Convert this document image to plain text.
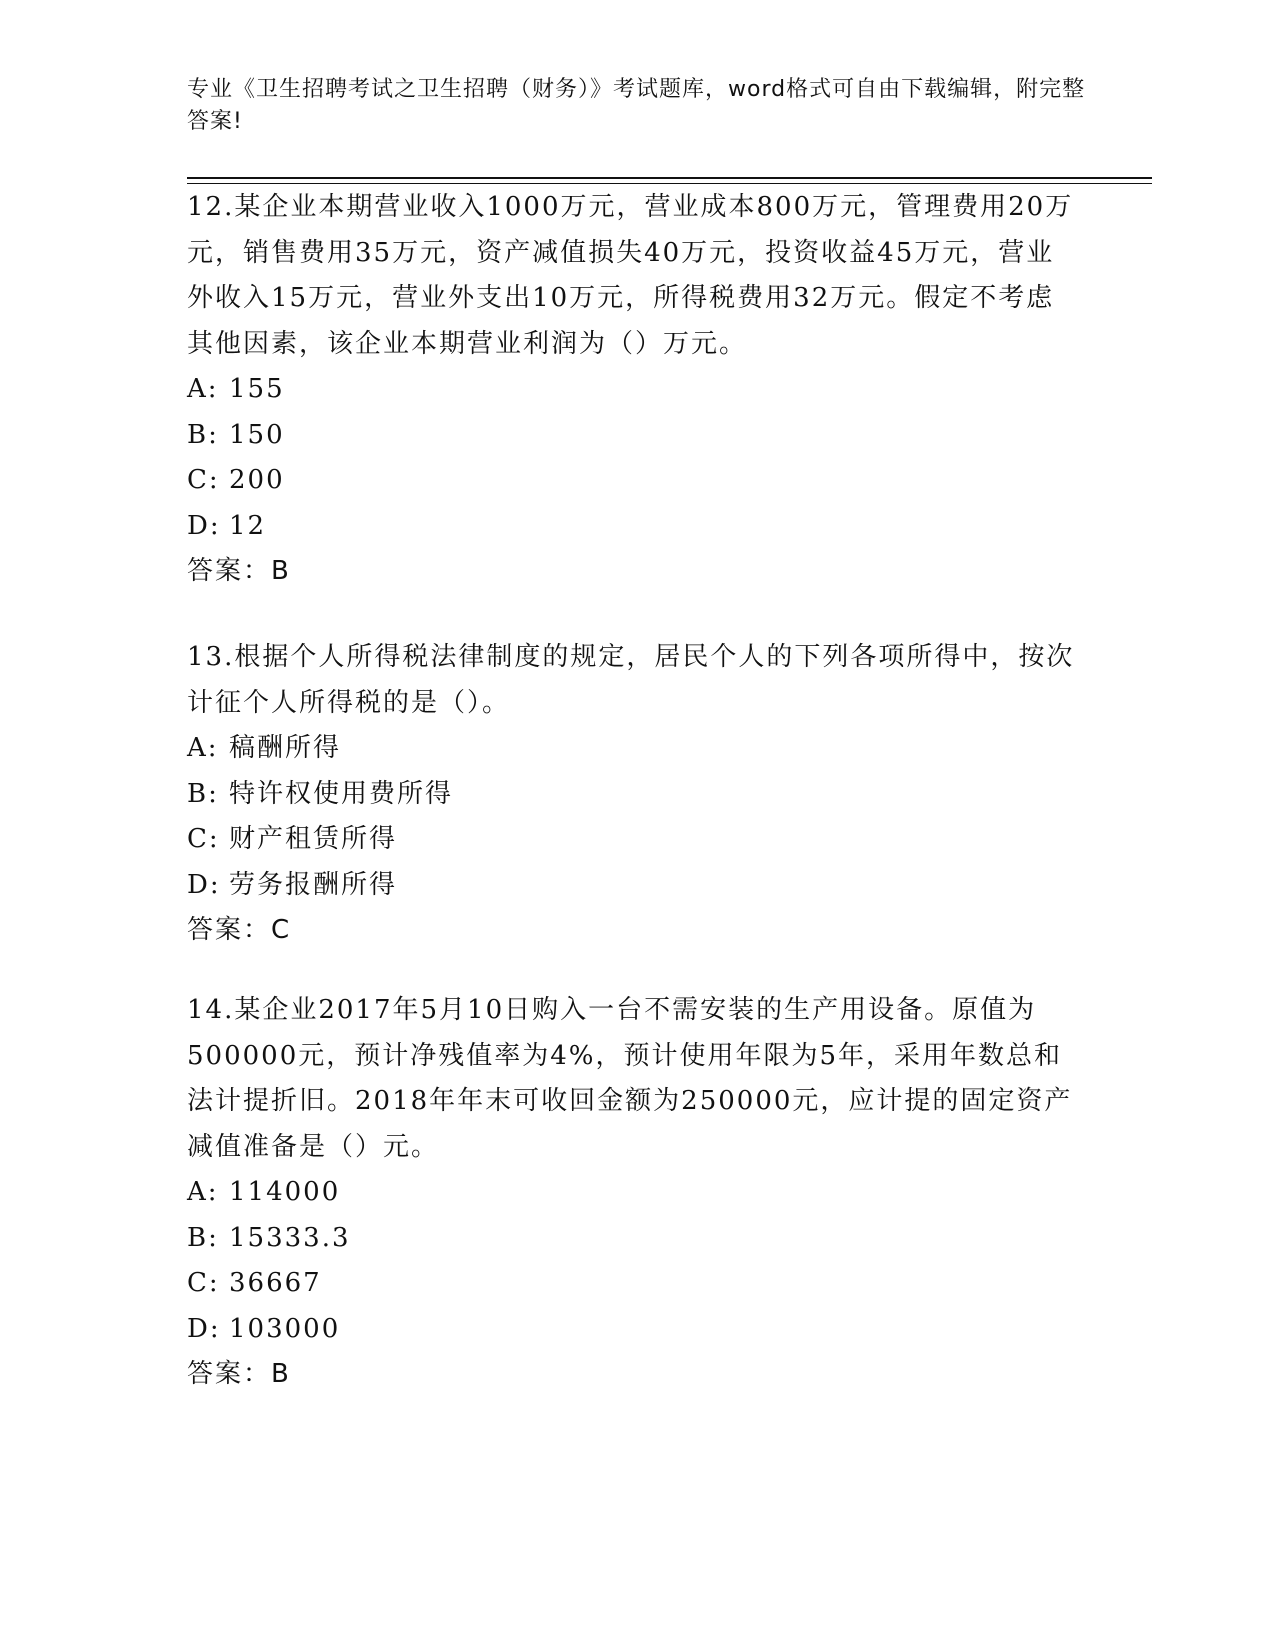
专业《卫生招聘考试之卫生招聘（财务）》考试题库，word格式可自由下载编辑，附完整答案!
12.某企业本期营业收入1000万元，营业成本800万元，管理费用20万元，销售费用35万元，资产减值损失40万元，投资收益45万元，营业外收入15万元，营业外支出10万元，所得税费用32万元。假定不考虑其他因素，该企业本期营业利润为（）万元。
A: 155
B: 150
C: 200
D: 12
答案：B
13.根据个人所得税法律制度的规定，居民个人的下列各项所得中，按次计征个人所得税的是（）。
A: 稿酬所得
B: 特许权使用费所得
C: 财产租赁所得
D: 劳务报酬所得
答案：C
14.某企业2017年5月10日购入一台不需安装的生产用设备。原值为500000元，预计净残值率为4%，预计使用年限为5年，采用年数总和法计提折旧。2018年年末可收回金额为250000元，应计提的固定资产减值准备是（）元。
A: 114000
B: 15333.3
C: 36667
D: 103000
答案：B
